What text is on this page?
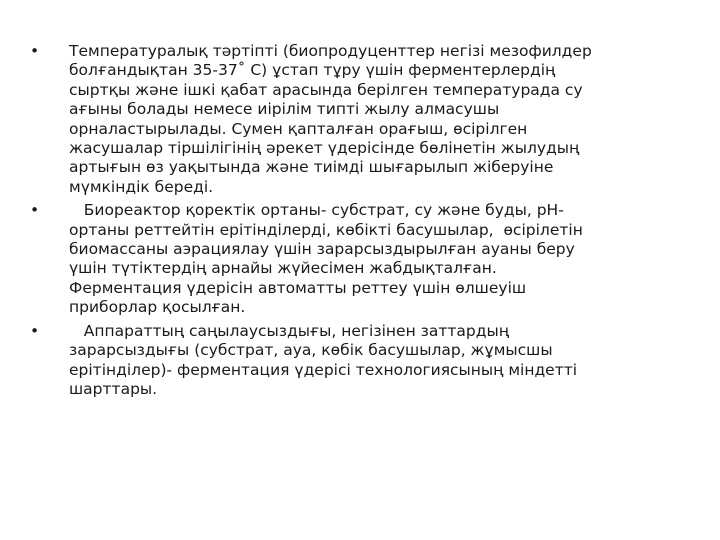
•	Температуралық тәртіпті (биопродуценттер негізі мезофилдер
болғандықтан 35-37˚ С) ұстап тұру үшін ферментерлердің
сыртқы және ішкі қабат арасында берілген температурада су
ағыны болады немесе иірілім типті жылу алмасушы
орналастырылады. Сумен қапталған орағыш, өсірілген
жасушалар тіршілігінің әрекет үдерісінде бөлінетін жылудың
артығын өз уақытында және тиімді шығарылып жіберуіне
мүмкіндік береді.
•	Биореактор қоректік ортаны- субстрат, су және буды, рН-
ортаны реттейтін ерітінділерді, көбікті басушылар,  өсірілетін
биомассаны аэрациялау үшін зарарсыздырылған ауаны беру
үшін түтіктердің арнайы жүйесімен жабдықталған.
Ферментация үдерісін автоматты реттеу үшін өлшеуіш
приборлар қосылған.
•	Аппараттың саңылаусыздығы, негізінен заттардың
зарарсыздығы (субстрат, ауа, көбік басушылар, жұмысшы
ерітінділер)- ферментация үдерісі технологиясының міндетті
шарттары.
